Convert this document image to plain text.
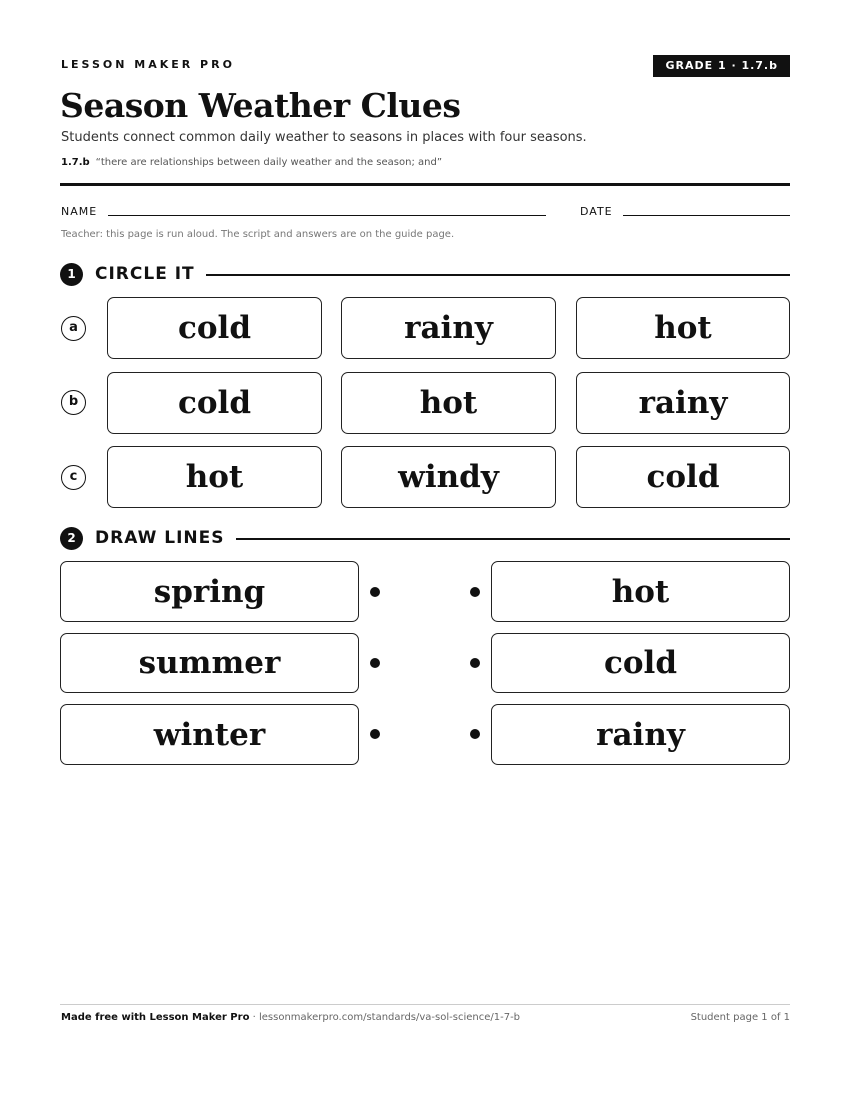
LESSON MAKER PRO	GRADE 1 · 1.7.b
Season Weather Clues
Students connect common daily weather to seasons in places with four seasons.
1.7.b “there are relationships between daily weather and the season; and”
NAME	DATE
Teacher: this page is run aloud. The script and answers are on the guide page.
1	CIRCLE IT
a	cold	rainy	hot
b	cold	hot	rainy
c	hot	windy	cold
2	DRAW LINES
spring	hot
summer	cold
winter	rainy
Made free with Lesson Maker Pro · lessonmakerpro.com/standards/va-sol-science/1-7-b	Student page 1 of 1
